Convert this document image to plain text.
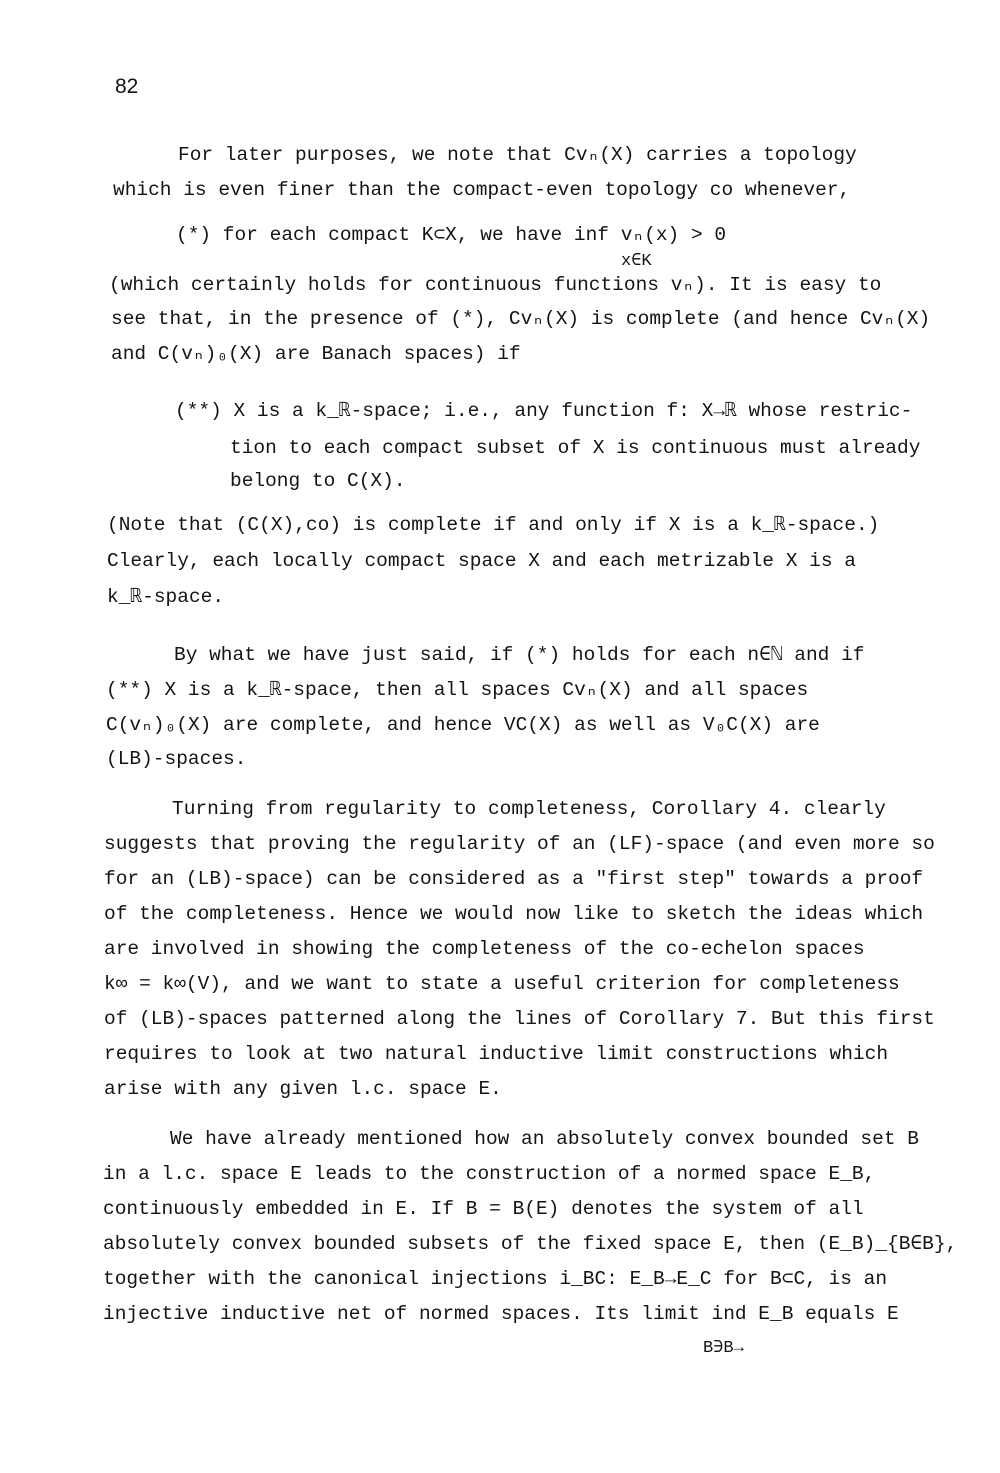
82
For later purposes, we note that Cvₙ(X) carries a topology
which is even finer than the compact-even topology co whenever,
(*) for each compact K⊂X, we have inf vₙ(x) > 0
x∈K
(which certainly holds for continuous functions vₙ). It is easy to
see that, in the presence of (*), Cvₙ(X) is complete (and hence Cvₙ(X)
and C(vₙ)₀(X) are Banach spaces) if
(**) X is a k_ℝ-space; i.e., any function f: X→ℝ whose restric-
tion to each compact subset of X is continuous must already
belong to C(X).
(Note that (C(X),co) is complete if and only if X is a k_ℝ-space.)
Clearly, each locally compact space X and each metrizable X is a
k_ℝ-space.
By what we have just said, if (*) holds for each n∈ℕ and if
(**) X is a k_ℝ-space, then all spaces Cvₙ(X) and all spaces
C(vₙ)₀(X) are complete, and hence VC(X) as well as V₀C(X) are
(LB)-spaces.
Turning from regularity to completeness, Corollary 4. clearly
suggests that proving the regularity of an (LF)-space (and even more so
for an (LB)-space) can be considered as a "first step" towards a proof
of the completeness. Hence we would now like to sketch the ideas which
are involved in showing the completeness of the co-echelon spaces
k∞ = k∞(V), and we want to state a useful criterion for completeness
of (LB)-spaces patterned along the lines of Corollary 7. But this first
requires to look at two natural inductive limit constructions which
arise with any given l.c. space E.
We have already mentioned how an absolutely convex bounded set B
in a l.c. space E leads to the construction of a normed space E_B,
continuously embedded in E. If B = B(E) denotes the system of all
absolutely convex bounded subsets of the fixed space E, then (E_B)_{B∈B},
together with the canonical injections i_BC: E_B→E_C for B⊂C, is an
injective inductive net of normed spaces. Its limit ind E_B equals E
B∋B→
